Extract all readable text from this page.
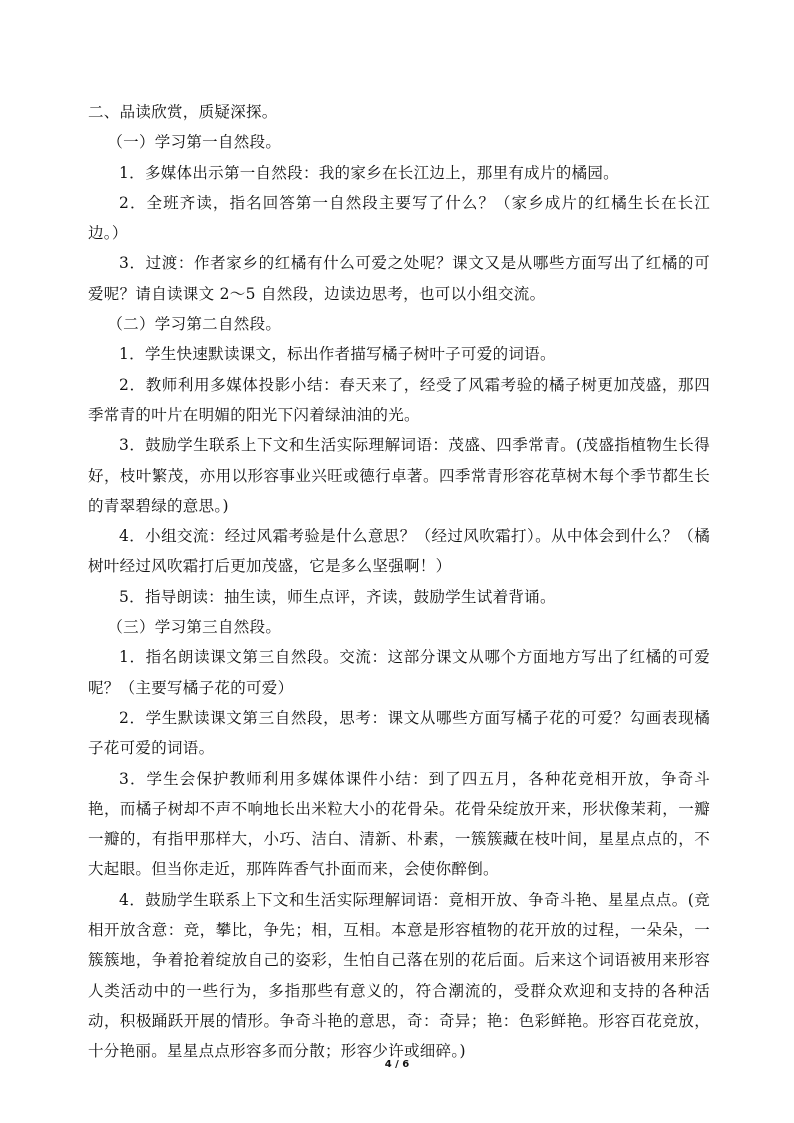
二、品读欣赏，质疑深探。

（一）学习第一自然段。

1．多媒体出示第一自然段：我的家乡在长江边上，那里有成片的橘园。

2．全班齐读，指名回答第一自然段主要写了什么？（家乡成片的红橘生长在长江边。）

3．过渡：作者家乡的红橘有什么可爱之处呢？课文又是从哪些方面写出了红橘的可爱呢？请自读课文 2～5 自然段，边读边思考，也可以小组交流。

（二）学习第二自然段。

1．学生快速默读课文，标出作者描写橘子树叶子可爱的词语。

2．教师利用多媒体投影小结：春天来了，经受了风霜考验的橘子树更加茂盛，那四季常青的叶片在明媚的阳光下闪着绿油油的光。

3．鼓励学生联系上下文和生活实际理解词语：茂盛、四季常青。(茂盛指植物生长得好，枝叶繁茂，亦用以形容事业兴旺或德行卓著。四季常青形容花草树木每个季节都生长的青翠碧绿的意思。)

4．小组交流：经过风霜考验是什么意思？（经过风吹霜打）。从中体会到什么？（橘树叶经过风吹霜打后更加茂盛，它是多么坚强啊！）

5．指导朗读：抽生读，师生点评，齐读，鼓励学生试着背诵。

（三）学习第三自然段。

1．指名朗读课文第三自然段。交流：这部分课文从哪个方面地方写出了红橘的可爱呢？（主要写橘子花的可爱）

2．学生默读课文第三自然段，思考：课文从哪些方面写橘子花的可爱？勾画表现橘子花可爱的词语。

3．学生会保护教师利用多媒体课件小结：到了四五月，各种花竞相开放，争奇斗艳，而橘子树却不声不响地长出米粒大小的花骨朵。花骨朵绽放开来，形状像茉莉，一瓣一瓣的，有指甲那样大，小巧、洁白、清新、朴素，一簇簇藏在枝叶间，星星点点的，不大起眼。但当你走近，那阵阵香气扑面而来，会使你醉倒。

4．鼓励学生联系上下文和生活实际理解词语：竟相开放、争奇斗艳、星星点点。(竞相开放含意：竞，攀比，争先；相，互相。本意是形容植物的花开放的过程，一朵朵，一簇簇地，争着抢着绽放自己的姿彩，生怕自己落在别的花后面。后来这个词语被用来形容人类活动中的一些行为，多指那些有意义的，符合潮流的，受群众欢迎和支持的各种活动，积极踊跃开展的情形。争奇斗艳的意思，奇：奇异；艳：色彩鲜艳。形容百花竞放，十分艳丽。星星点点形容多而分散；形容少许或细碎。)

4 / 6
